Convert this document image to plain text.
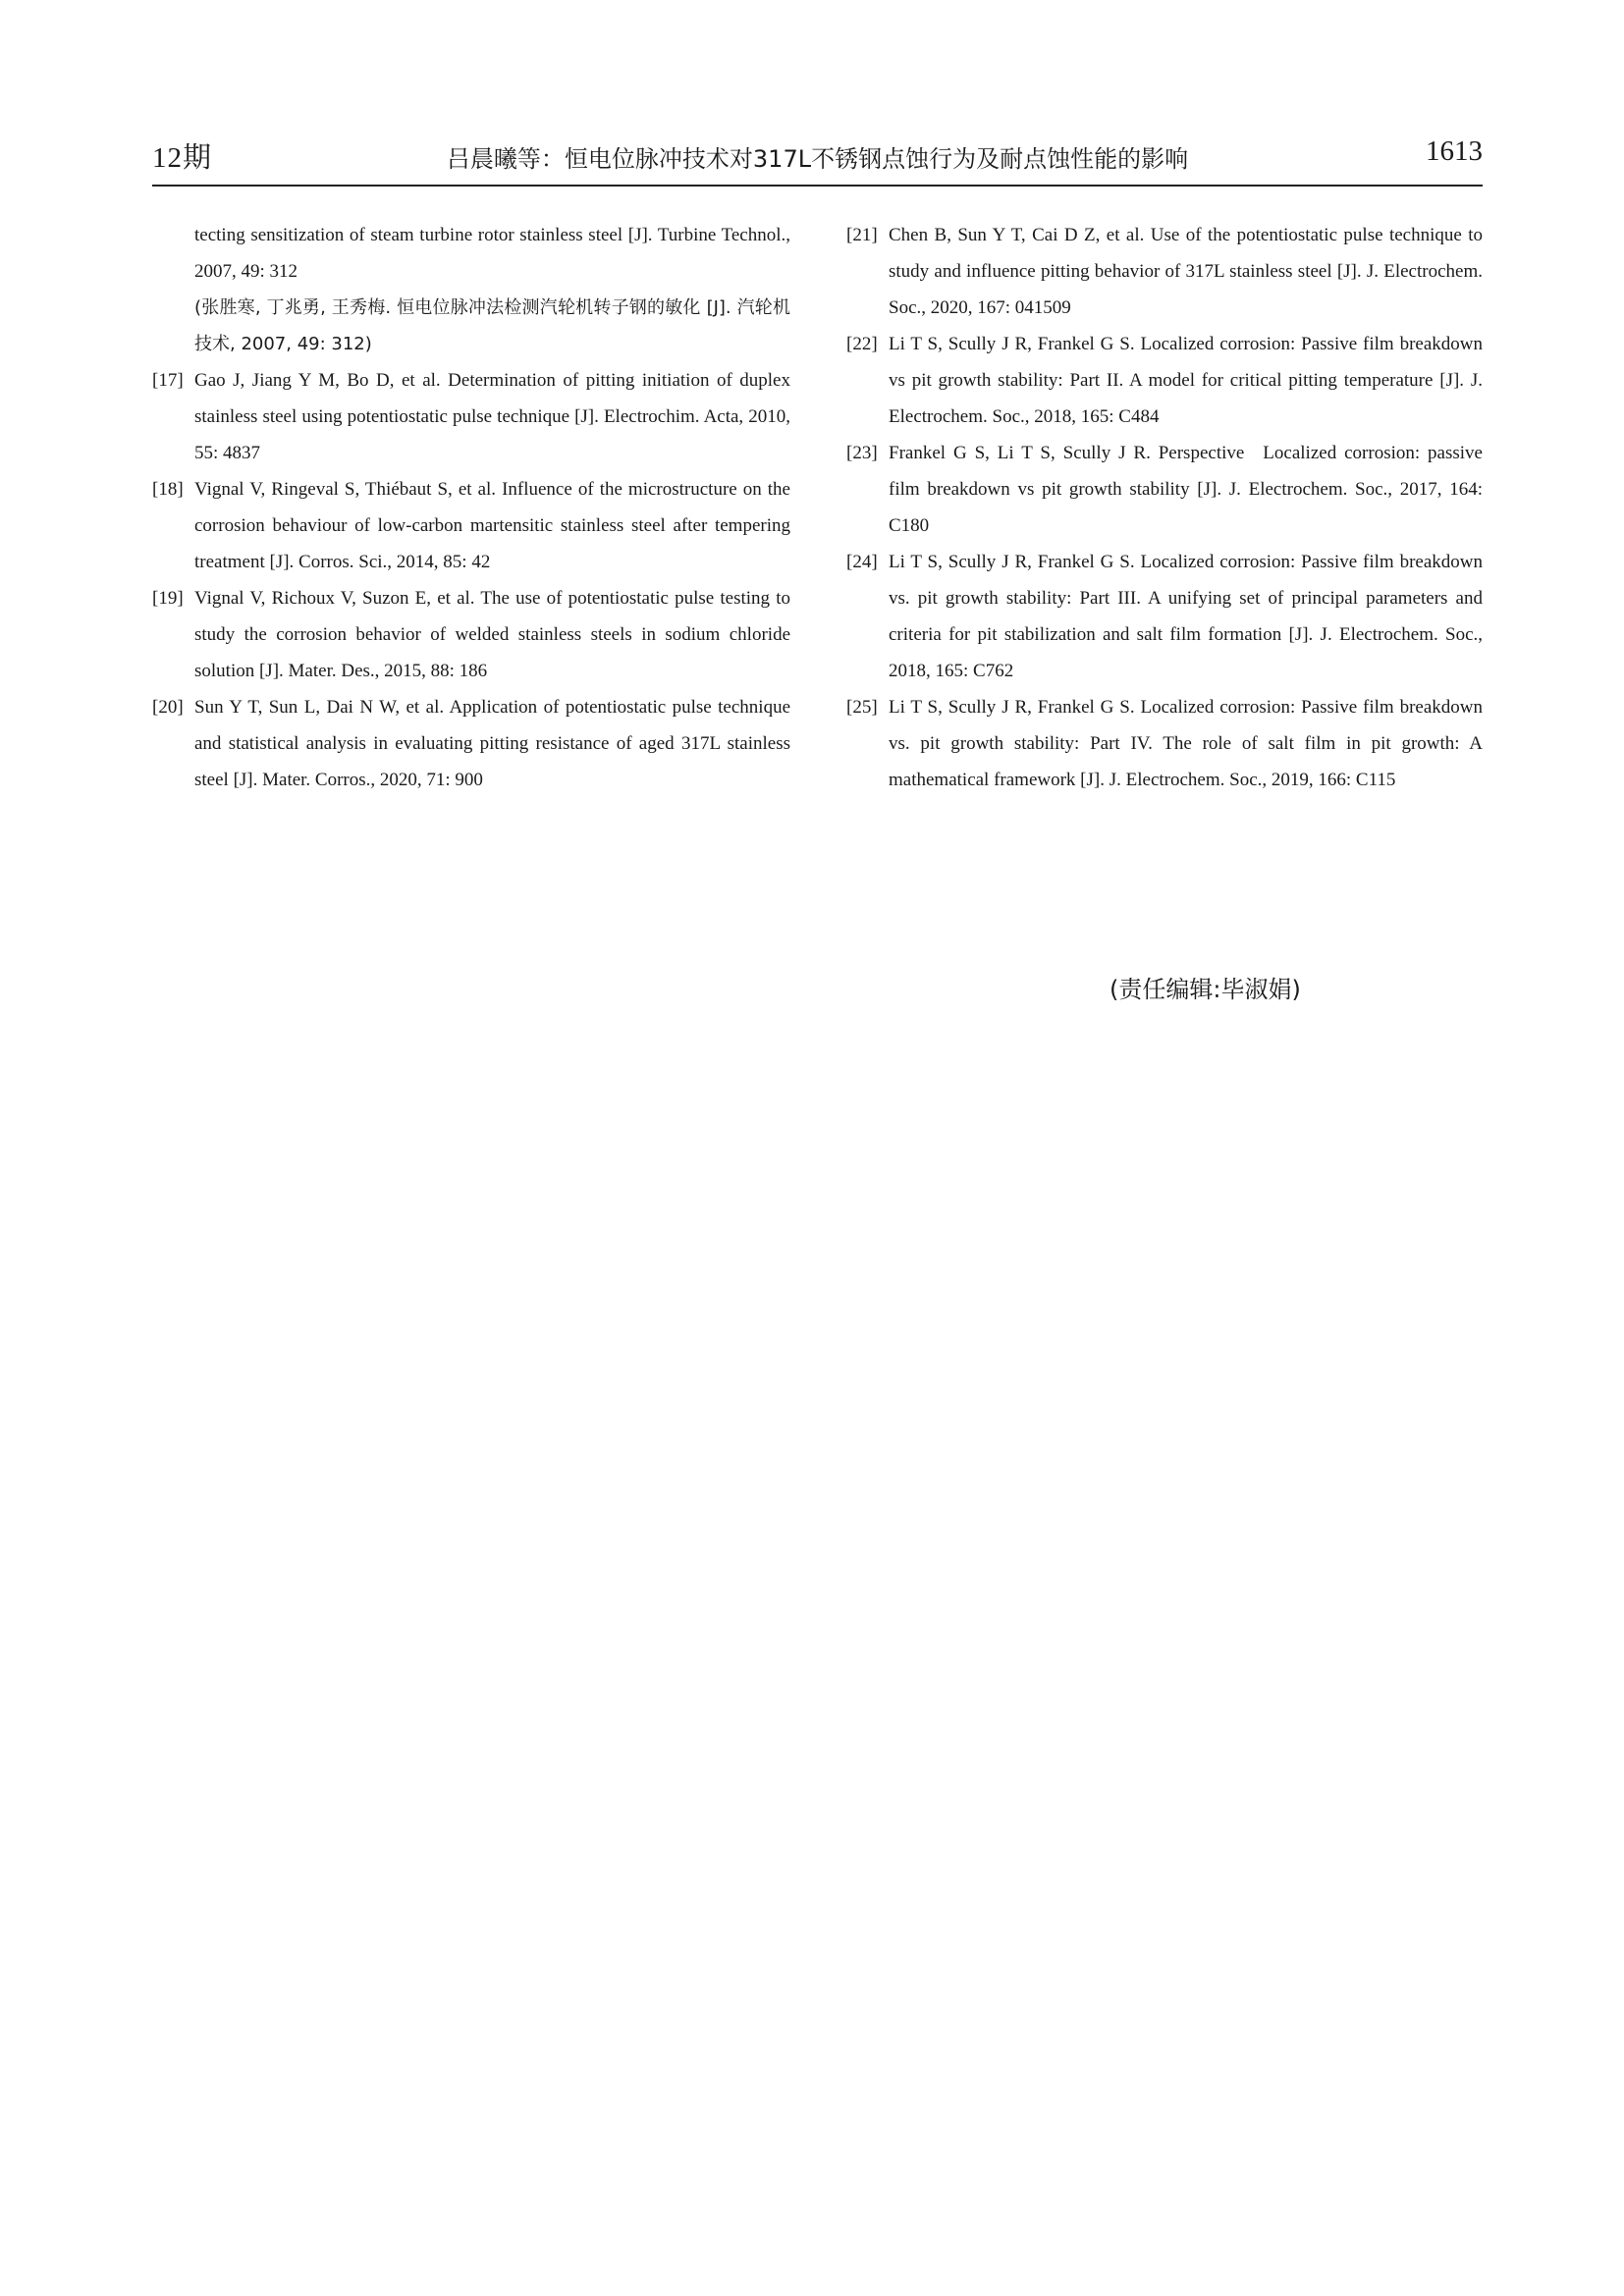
12期	吕晨曦等：恒电位脉冲技术对317L不锈钢点蚀行为及耐点蚀性能的影响	1613
tecting sensitization of steam turbine rotor stainless steel [J]. Turbine Technol., 2007, 49: 312
(张胜寒, 丁兆勇, 王秀梅. 恒电位脉冲法检测汽轮机转子钢的敏化 [J]. 汽轮机技术, 2007, 49: 312)
[17] Gao J, Jiang Y M, Bo D, et al. Determination of pitting initiation of duplex stainless steel using potentiostatic pulse technique [J]. Electrochim. Acta, 2010, 55: 4837
[18] Vignal V, Ringeval S, Thiébaut S, et al. Influence of the microstructure on the corrosion behaviour of low-carbon martensitic stainless steel after tempering treatment [J]. Corros. Sci., 2014, 85: 42
[19] Vignal V, Richoux V, Suzon E, et al. The use of potentiostatic pulse testing to study the corrosion behavior of welded stainless steels in sodium chloride solution [J]. Mater. Des., 2015, 88: 186
[20] Sun Y T, Sun L, Dai N W, et al. Application of potentiostatic pulse technique and statistical analysis in evaluating pitting resistance of aged 317L stainless steel [J]. Mater. Corros., 2020, 71: 900
[21] Chen B, Sun Y T, Cai D Z, et al. Use of the potentiostatic pulse technique to study and influence pitting behavior of 317L stainless steel [J]. J. Electrochem. Soc., 2020, 167: 041509
[22] Li T S, Scully J R, Frankel G S. Localized corrosion: Passive film breakdown vs pit growth stability: Part II. A model for critical pitting temperature [J]. J. Electrochem. Soc., 2018, 165: C484
[23] Frankel G S, Li T S, Scully J R. Perspective Localized corrosion: passive film breakdown vs pit growth stability [J]. J. Electrochem. Soc., 2017, 164: C180
[24] Li T S, Scully J R, Frankel G S. Localized corrosion: Passive film breakdown vs. pit growth stability: Part III. A unifying set of principal parameters and criteria for pit stabilization and salt film formation [J]. J. Electrochem. Soc., 2018, 165: C762
[25] Li T S, Scully J R, Frankel G S. Localized corrosion: Passive film breakdown vs. pit growth stability: Part IV. The role of salt film in pit growth: A mathematical framework [J]. J. Electrochem. Soc., 2019, 166: C115
(责任编辑:毕淑娟)
